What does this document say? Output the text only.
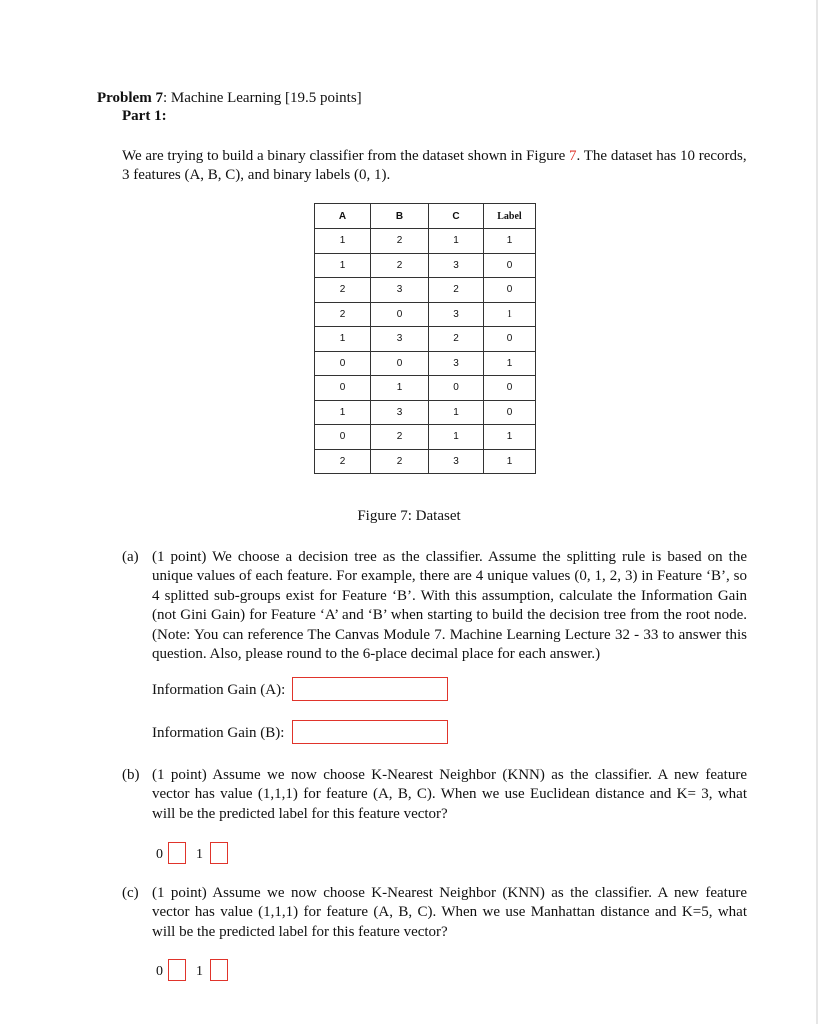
Problem 7: Machine Learning [19.5 points]
Part 1:
We are trying to build a binary classifier from the dataset shown in Figure 7. The dataset has 10 records, 3 features (A, B, C), and binary labels (0, 1).
A	B	C	Label
1	2	1	1
1	2	3	0
2	3	2	0
2	0	3	1
1	3	2	0
0	0	3	1
0	1	0	0
1	3	1	0
0	2	1	1
2	2	3	1
Figure 7: Dataset
(a) (1 point) We choose a decision tree as the classifier. Assume the splitting rule is based on the unique values of each feature. For example, there are 4 unique values (0, 1, 2, 3) in Feature ‘B’, so 4 splitted sub-groups exist for Feature ‘B’. With this assumption, calculate the Information Gain (not Gini Gain) for Feature ‘A’ and ‘B’ when starting to build the decision tree from the root node. (Note: You can reference The Canvas Module 7. Machine Learning Lecture 32 - 33 to answer this question. Also, please round to the 6-place decimal place for each answer.)
Information Gain (A):
Information Gain (B):
(b) (1 point) Assume we now choose K-Nearest Neighbor (KNN) as the classifier. A new feature vector has value (1,1,1) for feature (A, B, C). When we use Euclidean distance and K= 3, what will be the predicted label for this feature vector?
0 1
(c) (1 point) Assume we now choose K-Nearest Neighbor (KNN) as the classifier. A new feature vector has value (1,1,1) for feature (A, B, C). When we use Manhattan distance and K=5, what will be the predicted label for this feature vector?
0 1
